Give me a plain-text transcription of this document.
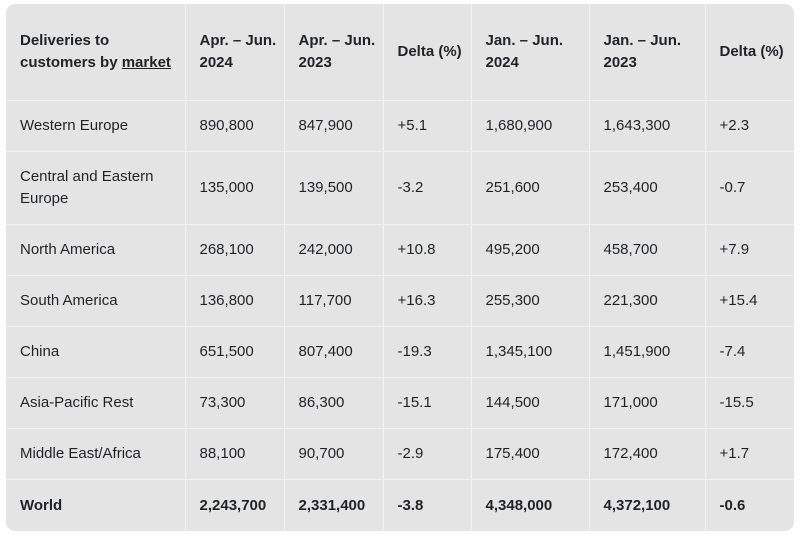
Deliveries to customers by market	Apr. – Jun. 2024	Apr. – Jun. 2023	Delta (%)	Jan. – Jun. 2024	Jan. – Jun. 2023	Delta (%)
Western Europe	890,800	847,900	+5.1	1,680,900	1,643,300	+2.3
Central and Eastern Europe	135,000	139,500	-3.2	251,600	253,400	-0.7
North America	268,100	242,000	+10.8	495,200	458,700	+7.9
South America	136,800	117,700	+16.3	255,300	221,300	+15.4
China	651,500	807,400	-19.3	1,345,100	1,451,900	-7.4
Asia-Pacific Rest	73,300	86,300	-15.1	144,500	171,000	-15.5
Middle East/Africa	88,100	90,700	-2.9	175,400	172,400	+1.7
World	2,243,700	2,331,400	-3.8	4,348,000	4,372,100	-0.6
